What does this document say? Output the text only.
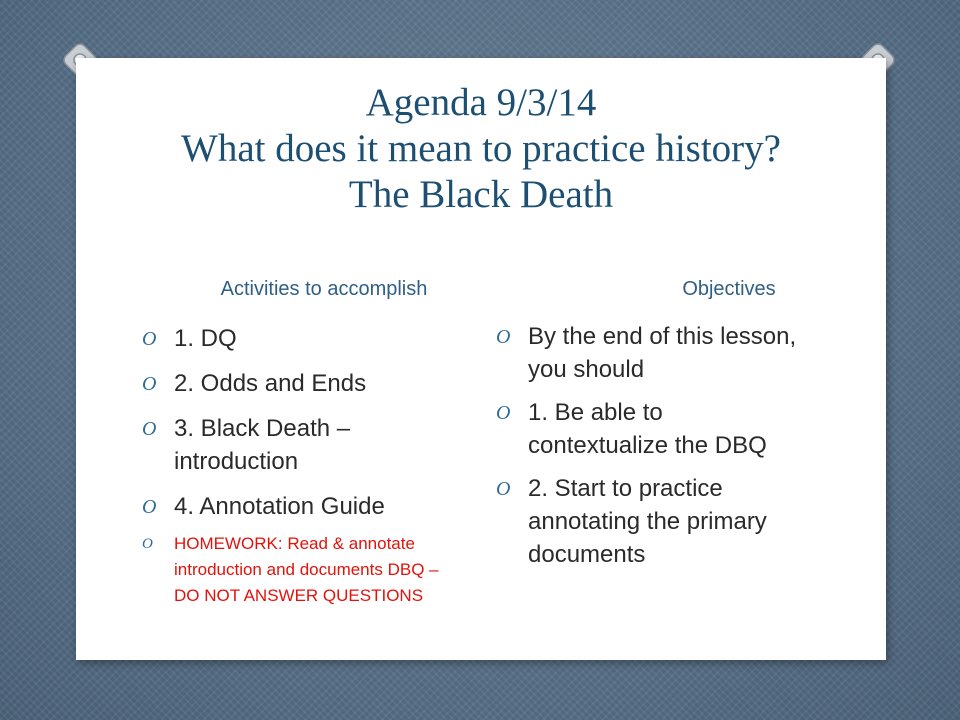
Agenda 9/3/14
What does it mean to practice history?
The Black Death
Activities to accomplish	Objectives
O 1. DQ
O 2. Odds and Ends
O 3. Black Death – introduction
O 4. Annotation Guide
O HOMEWORK: Read & annotate introduction and documents DBQ – DO NOT ANSWER QUESTIONS
O By the end of this lesson, you should
O 1. Be able to contextualize the DBQ
O 2. Start to practice annotating the primary documents
